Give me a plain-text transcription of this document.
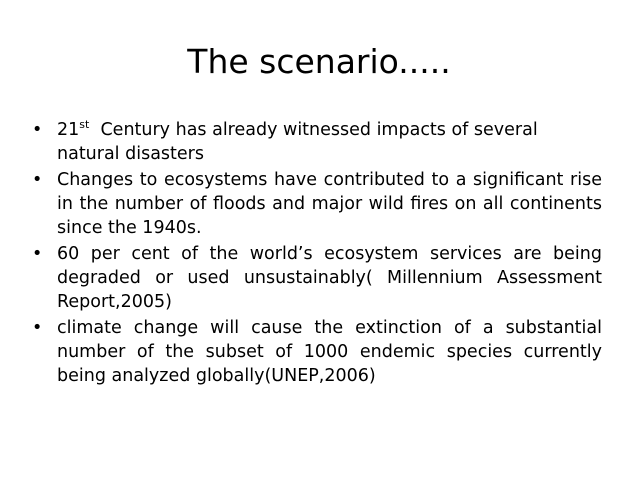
The scenario.....
• 21st  Century has already witnessed impacts of several natural disasters
• Changes to ecosystems have contributed to a significant rise in the number of floods and major wild fires on all continents since the 1940s.
• 60 per cent of the world’s ecosystem services are being degraded or used unsustainably( Millennium Assessment Report,2005)
• climate change will cause the extinction of a substantial number of the subset of 1000 endemic species currently being analyzed globally(UNEP,2006)
